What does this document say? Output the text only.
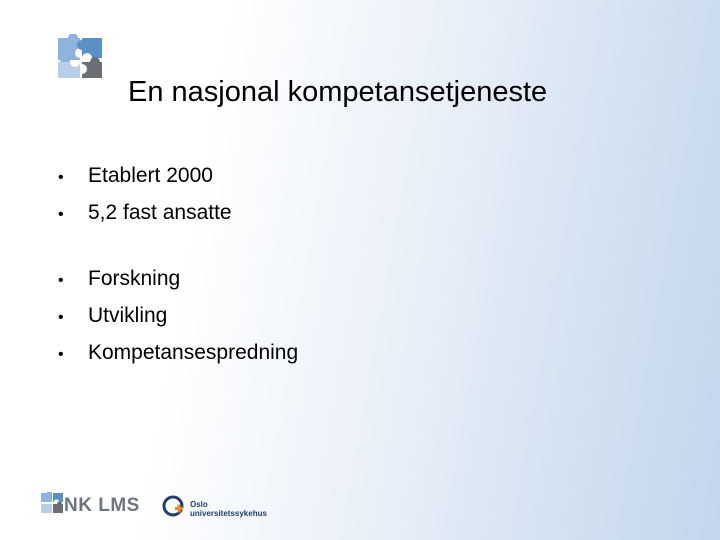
En nasjonal kompetansetjeneste
•	Etablert 2000
•	5,2 fast ansatte
•	Forskning
•	Utvikling
•	Kompetansespredning
NK LMS	Oslo
universitetssykehus
